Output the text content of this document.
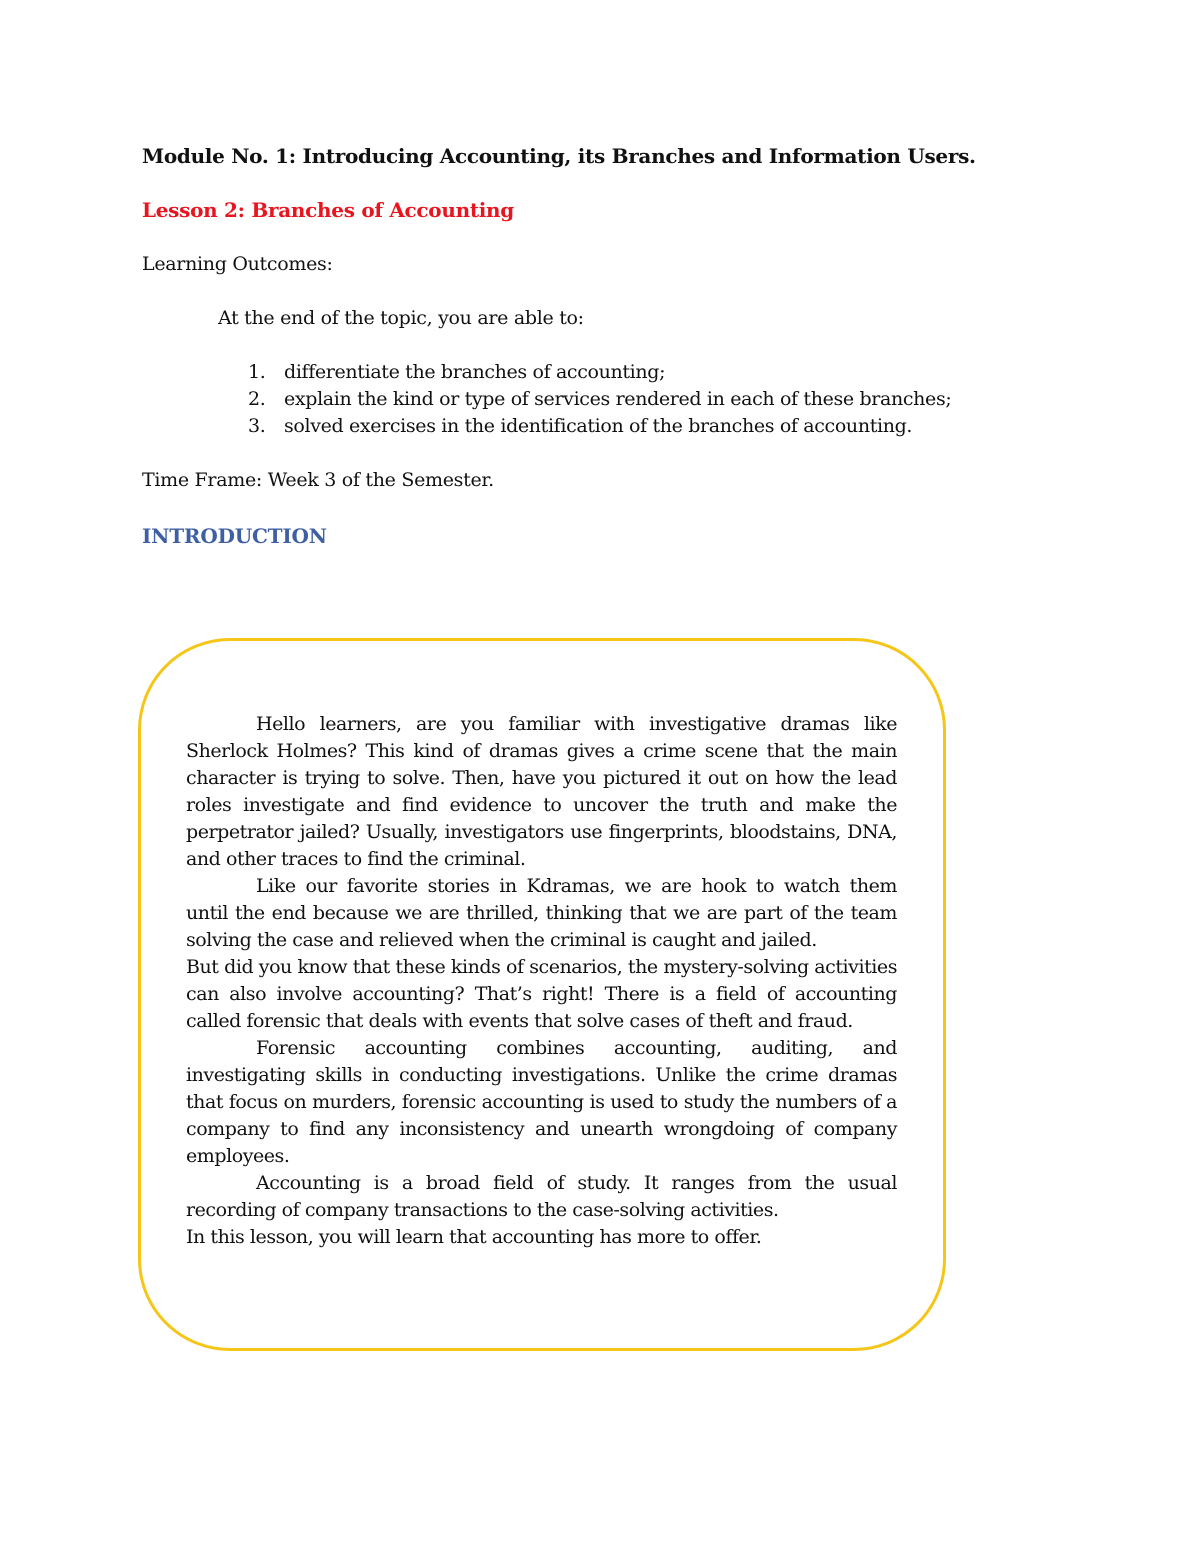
Module No. 1: Introducing Accounting, its Branches and Information Users.
Lesson 2: Branches of Accounting

Learning Outcomes:

At the end of the topic, you are able to:

1. differentiate the branches of accounting;
2. explain the kind or type of services rendered in each of these branches;
3. solved exercises in the identification of the branches of accounting.

Time Frame: Week 3 of the Semester.

INTRODUCTION

Hello learners, are you familiar with investigative dramas like Sherlock Holmes? This kind of dramas gives a crime scene that the main character is trying to solve. Then, have you pictured it out on how the lead roles investigate and find evidence to uncover the truth and make the perpetrator jailed? Usually, investigators use fingerprints, bloodstains, DNA, and other traces to find the criminal.

Like our favorite stories in Kdramas, we are hook to watch them until the end because we are thrilled, thinking that we are part of the team solving the case and relieved when the criminal is caught and jailed.

But did you know that these kinds of scenarios, the mystery-solving activities can also involve accounting? That’s right! There is a field of accounting called forensic that deals with events that solve cases of theft and fraud.

Forensic accounting combines accounting, auditing, and investigating skills in conducting investigations. Unlike the crime dramas that focus on murders, forensic accounting is used to study the numbers of a company to find any inconsistency and unearth wrongdoing of company employees.

Accounting is a broad field of study. It ranges from the usual recording of company transactions to the case-solving activities.

In this lesson, you will learn that accounting has more to offer.
